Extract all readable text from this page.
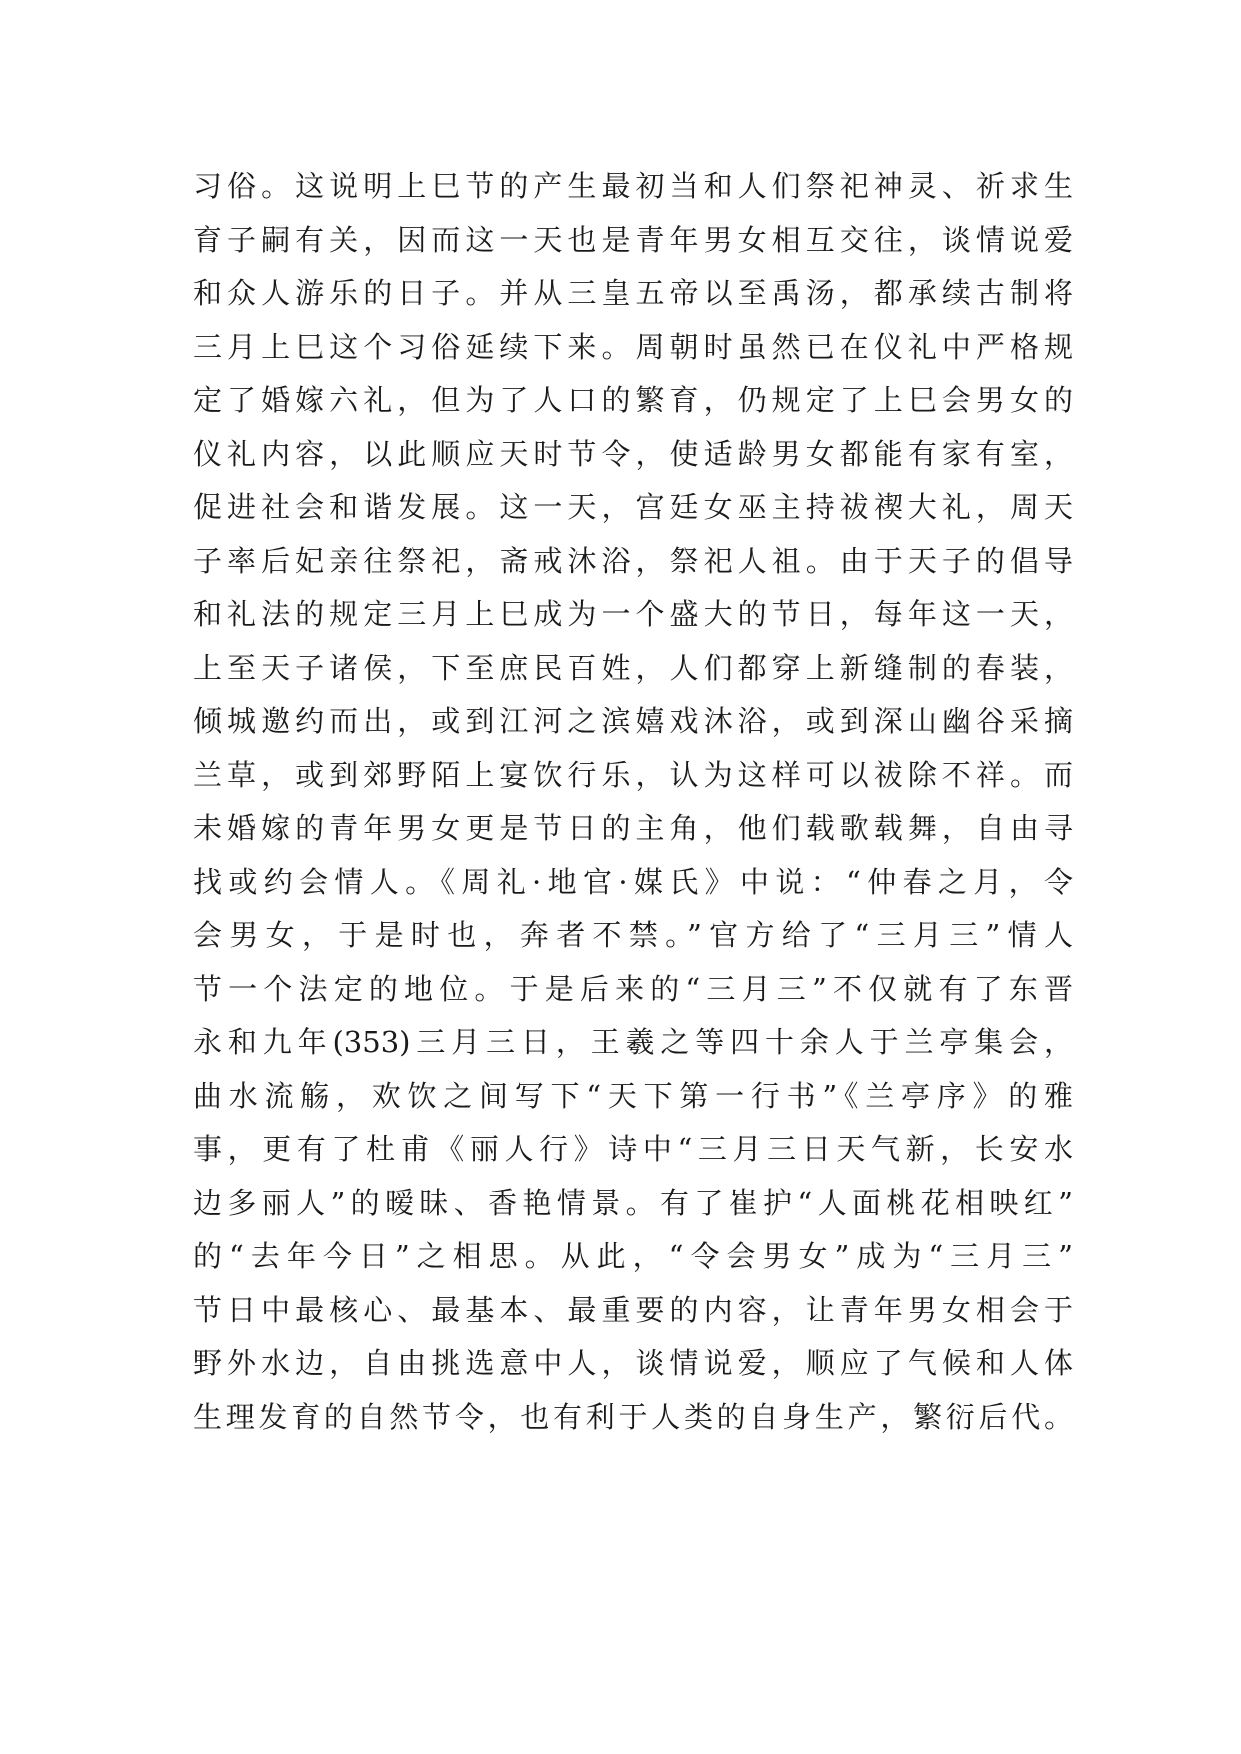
习俗。这说明上巳节的产生最初当和人们祭祀神灵、祈求生
育子嗣有关，因而这一天也是青年男女相互交往，谈情说爱
和众人游乐的日子。并从三皇五帝以至禹汤，都承续古制将
三月上巳这个习俗延续下来。周朝时虽然已在仪礼中严格规
定了婚嫁六礼，但为了人口的繁育，仍规定了上巳会男女的
仪礼内容，以此顺应天时节令，使适龄男女都能有家有室，
促进社会和谐发展。这一天，宫廷女巫主持祓禊大礼，周天
子率后妃亲往祭祀，斋戒沐浴，祭祀人祖。由于天子的倡导
和礼法的规定三月上巳成为一个盛大的节日，每年这一天，
上至天子诸侯，下至庶民百姓，人们都穿上新缝制的春装，
倾城邀约而出，或到江河之滨嬉戏沐浴，或到深山幽谷采摘
兰草，或到郊野陌上宴饮行乐，认为这样可以祓除不祥。而
未婚嫁的青年男女更是节日的主角，他们载歌载舞，自由寻
找或约会情人。《周礼·地官·媒氏》中说：“仲春之月，令
会男女，于是时也，奔者不禁。”官方给了“三月三”情人
节一个法定的地位。于是后来的“三月三”不仅就有了东晋
永和九年(353)三月三日，王羲之等四十余人于兰亭集会，
曲水流觞，欢饮之间写下“天下第一行书”《兰亭序》的雅
事，更有了杜甫《丽人行》诗中“三月三日天气新，长安水
边多丽人”的暧昧、香艳情景。有了崔护“人面桃花相映红”
的“去年今日”之相思。从此，“令会男女”成为“三月三”
节日中最核心、最基本、最重要的内容，让青年男女相会于
野外水边，自由挑选意中人，谈情说爱，顺应了气候和人体
生理发育的自然节令，也有利于人类的自身生产，繁衍后代。
